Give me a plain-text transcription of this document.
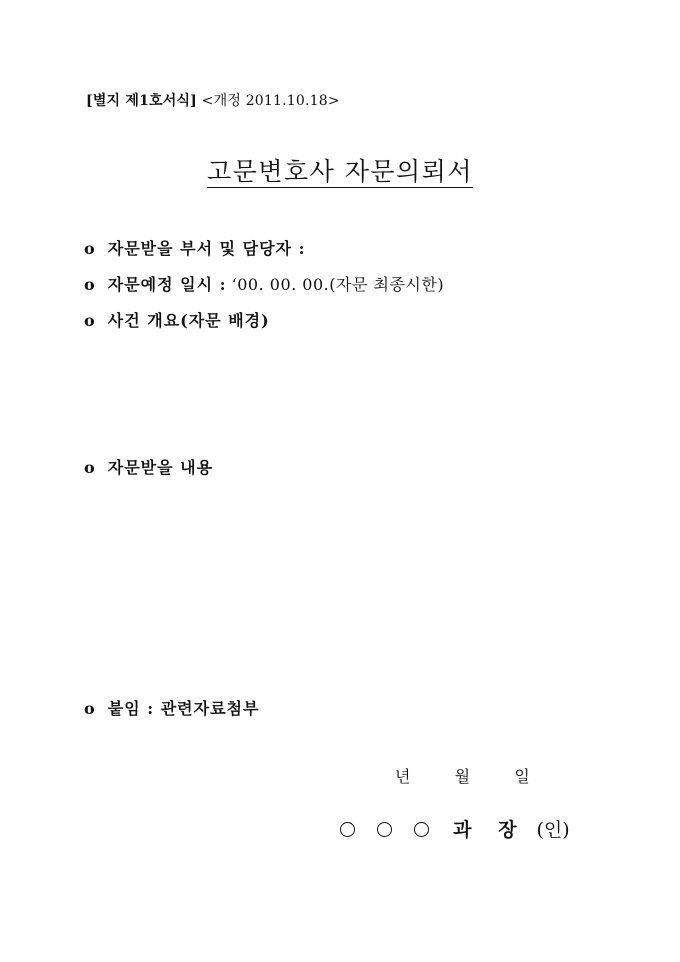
[별지 제1호서식] <개정 2011.10.18>
고문변호사 자문의뢰서
o 자문받을 부서 및 담당자 :
o 자문예정 일시 : ‘00. 00. 00.(자문 최종시한)
o 사건 개요(자문 배경)
o 자문받을 내용
o 붙임 : 관련자료첨부
년	월	일
과 장 (인)
